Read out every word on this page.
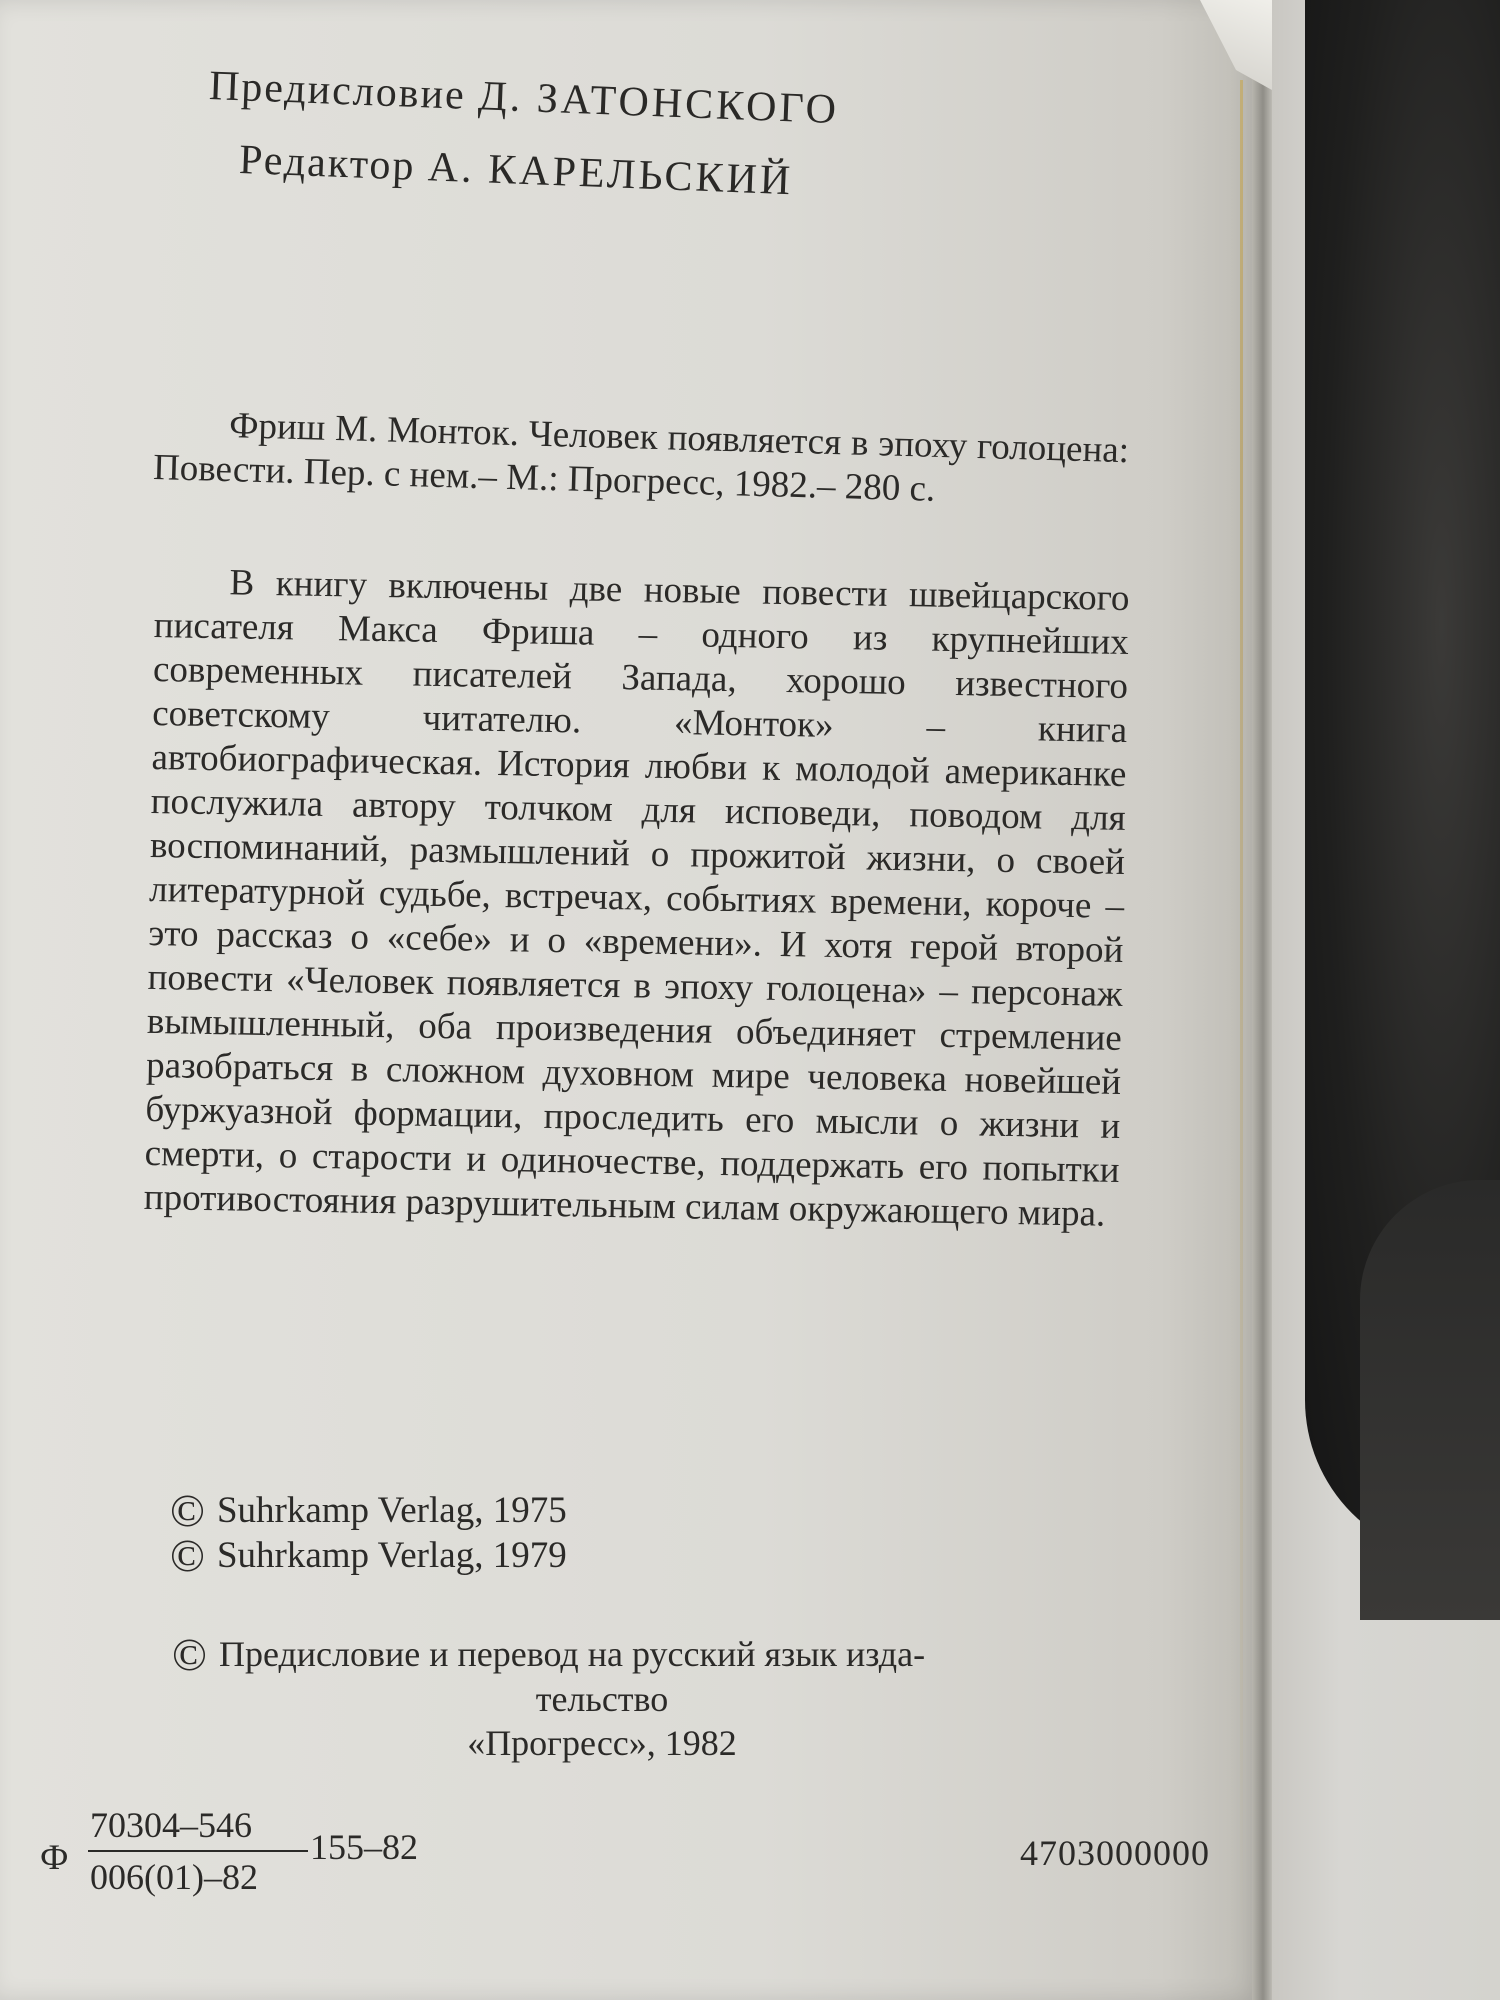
Предисловие Д. ЗАТОНСКОГО
Редактор А. КАРЕЛЬСКИЙ
Фриш М. Монток. Человек появляется в эпоху голоцена: Повести. Пер. с нем.– М.: Прогресс, 1982.– 280 с.
В книгу включены две новые повести швейцарского писателя Макса Фриша – одного из крупнейших современных писателей Запада, хорошо известного советскому читателю. «Монток» – книга автобиографическая. История любви к молодой американке послужила автору толчком для исповеди, поводом для воспоминаний, размышлений о прожитой жизни, о своей литературной судьбе, встречах, событиях времени, короче – это рассказ о «себе» и о «времени». И хотя герой второй повести «Человек появляется в эпоху голоцена» – персонаж вымышленный, оба произведения объединяет стремление разобраться в сложном духовном мире человека новейшей буржуазной формации, проследить его мысли о жизни и смерти, о старости и одиночестве, поддержать его попытки противостояния разрушительным силам окружающего мира.
© Suhrkamp Verlag, 1975
© Suhrkamp Verlag, 1979
© Предисловие и перевод на русский язык изда-
тельство
«Прогресс», 1982
Ф
70304–546
155–82
006(01)–82
4703000000
